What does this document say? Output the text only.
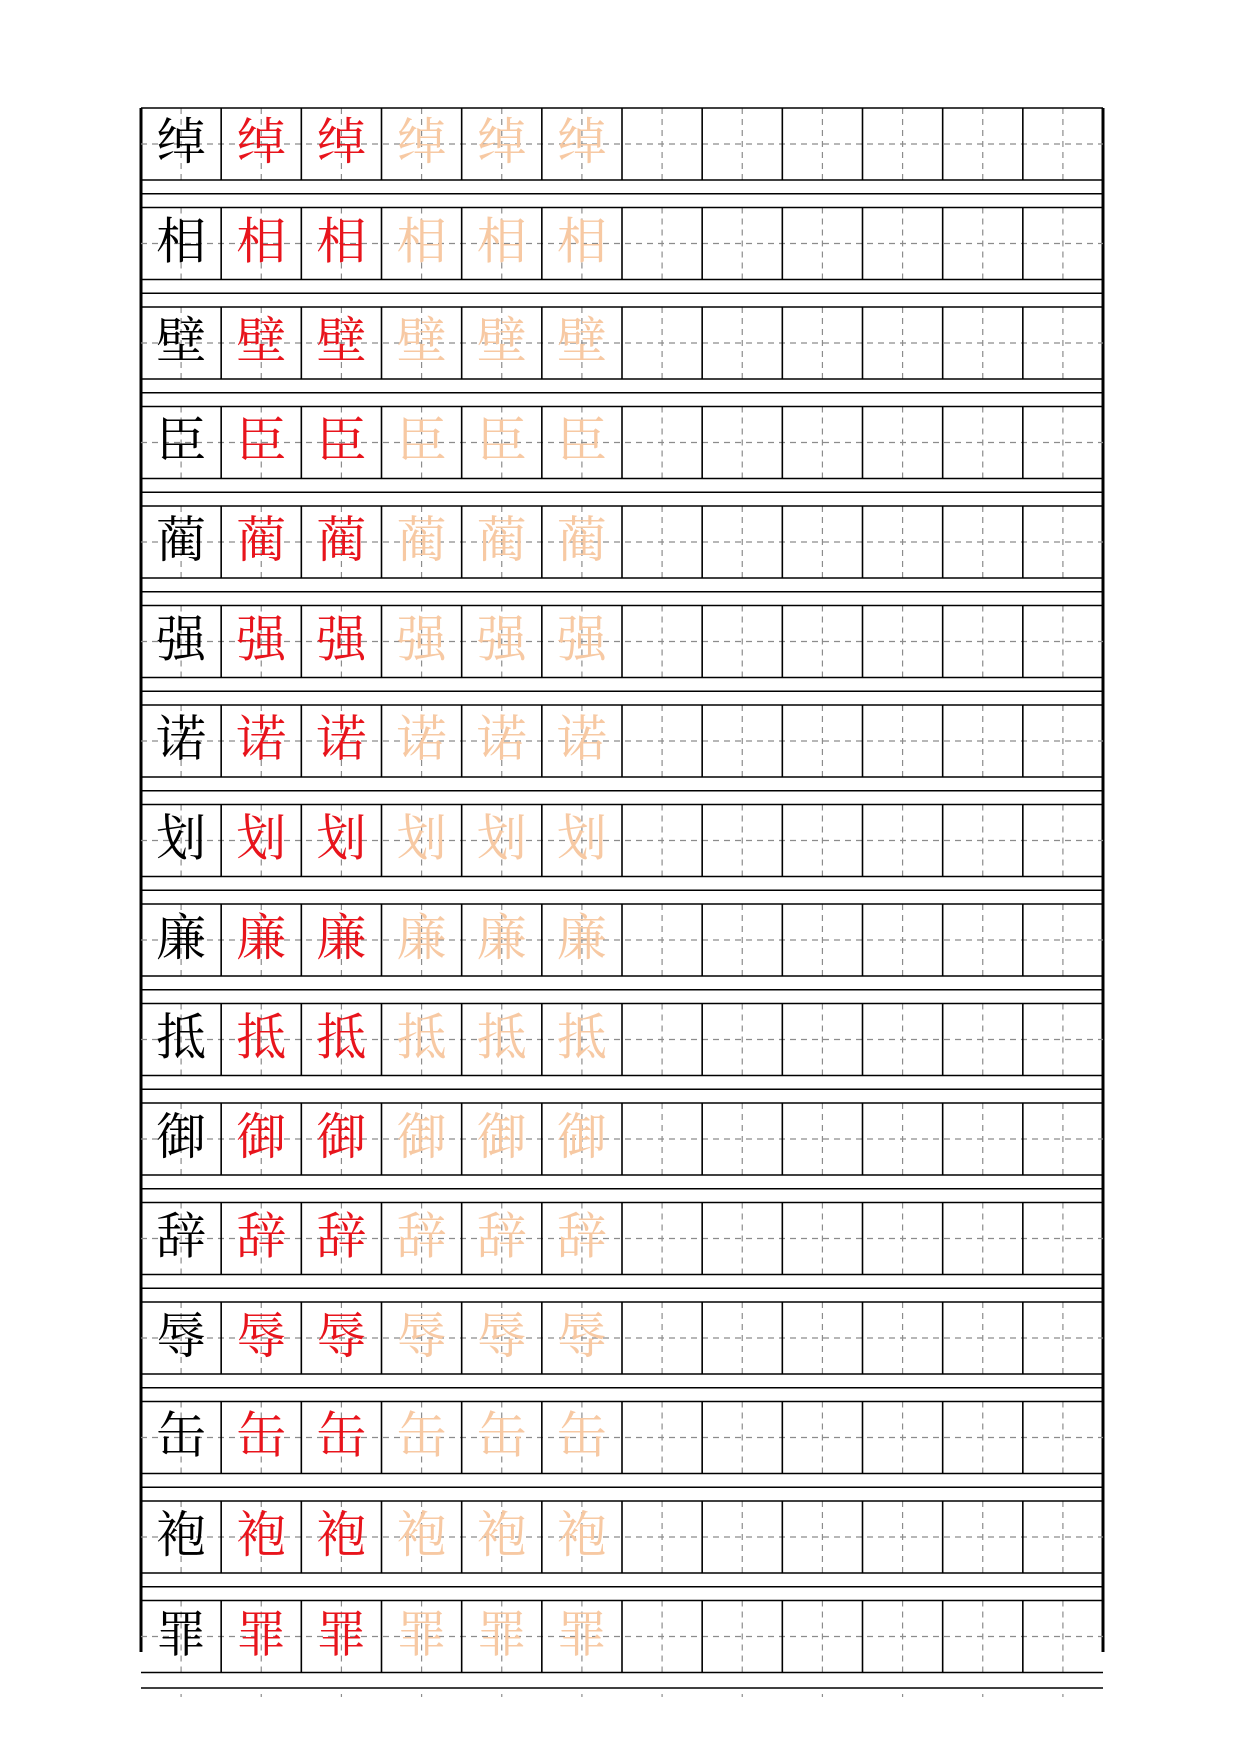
绰 绰 绰 绰 绰 绰
相 相 相 相 相 相
壁 壁 壁 壁 壁 壁
臣 臣 臣 臣 臣 臣
蔺 蔺 蔺 蔺 蔺 蔺
强 强 强 强 强 强
诺 诺 诺 诺 诺 诺
划 划 划 划 划 划
廉 廉 廉 廉 廉 廉
抵 抵 抵 抵 抵 抵
御 御 御 御 御 御
辞 辞 辞 辞 辞 辞
辱 辱 辱 辱 辱 辱
缶 缶 缶 缶 缶 缶
袍 袍 袍 袍 袍 袍
罪 罪 罪 罪 罪 罪
